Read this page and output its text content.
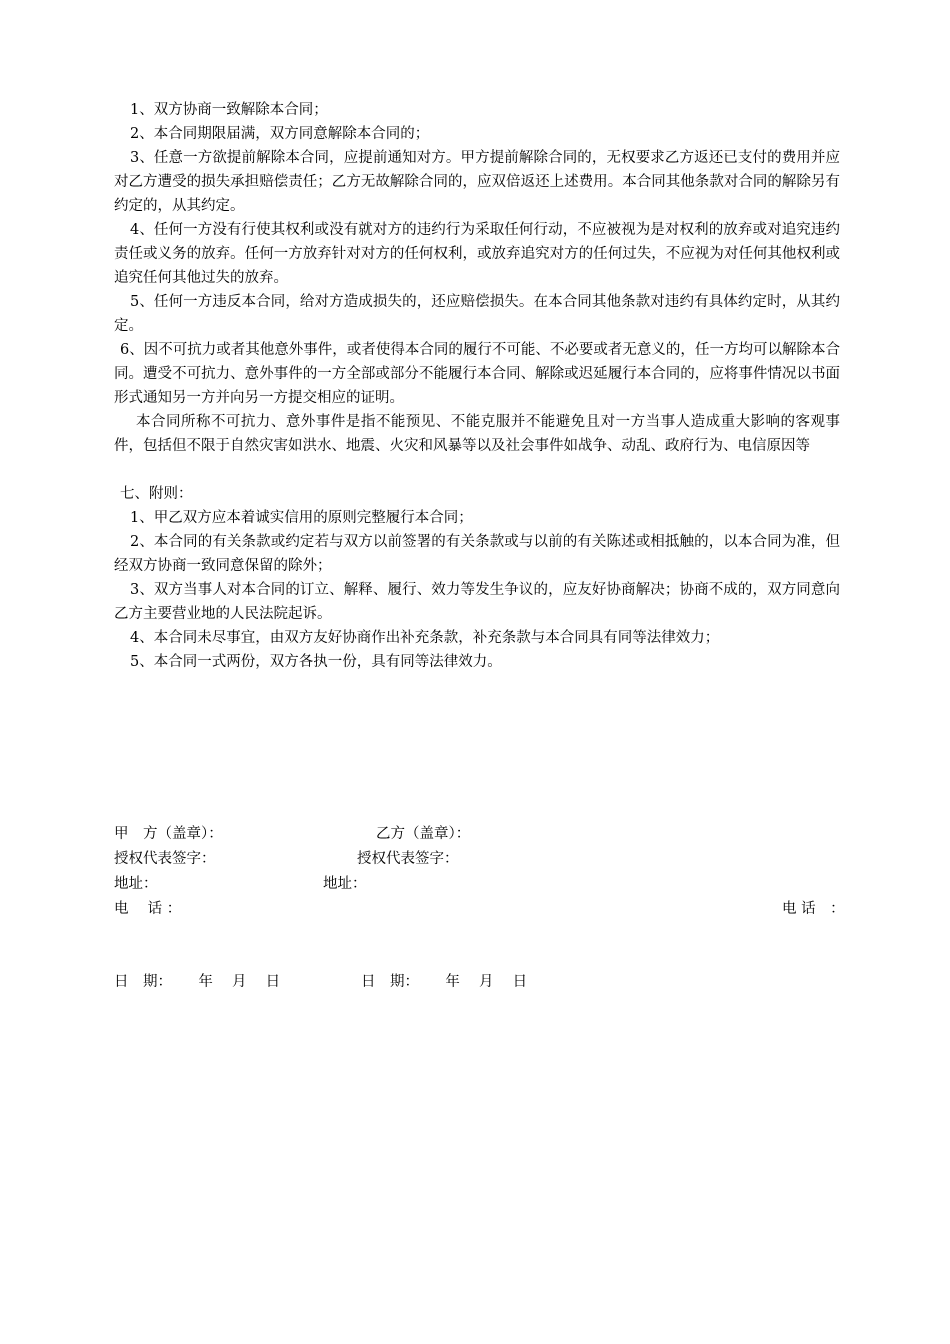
1、双方协商一致解除本合同；

2、本合同期限届满，双方同意解除本合同的；

3、任意一方欲提前解除本合同，应提前通知对方。甲方提前解除合同的，无权要求乙方返还已支付的费用并应对乙方遭受的损失承担赔偿责任；乙方无故解除合同的，应双倍返还上述费用。本合同其他条款对合同的解除另有约定的，从其约定。

4、任何一方没有行使其权利或没有就对方的违约行为采取任何行动，不应被视为是对权利的放弃或对追究违约责任或义务的放弃。任何一方放弃针对对方的任何权利，或放弃追究对方的任何过失，不应视为对任何其他权利或追究任何其他过失的放弃。

5、任何一方违反本合同，给对方造成损失的，还应赔偿损失。在本合同其他条款对违约有具体约定时，从其约定。

6、因不可抗力或者其他意外事件，或者使得本合同的履行不可能、不必要或者无意义的，任一方均可以解除本合同。遭受不可抗力、意外事件的一方全部或部分不能履行本合同、解除或迟延履行本合同的，应将事件情况以书面形式通知另一方并向另一方提交相应的证明。

本合同所称不可抗力、意外事件是指不能预见、不能克服并不能避免且对一方当事人造成重大影响的客观事件，包括但不限于自然灾害如洪水、地震、火灾和风暴等以及社会事件如战争、动乱、政府行为、电信原因等

七、附则：

1、甲乙双方应本着诚实信用的原则完整履行本合同；

2、本合同的有关条款或约定若与双方以前签署的有关条款或与以前的有关陈述或相抵触的，以本合同为准，但经双方协商一致同意保留的除外；

3、双方当事人对本合同的订立、解释、履行、效力等发生争议的，应友好协商解决；协商不成的，双方同意向乙方主要营业地的人民法院起诉。

4、本合同未尽事宜，由双方友好协商作出补充条款，补充条款与本合同具有同等法律效力；

5、本合同一式两份，双方各执一份，具有同等法律效力。

甲　方（盖章）：	乙方（盖章）：
授权代表签字：	授权代表签字：
地址：	地址：
电　 话 ：	电 话　：
日　期：　　 年　 月　 日	日　期：　　 年　 月　 日
